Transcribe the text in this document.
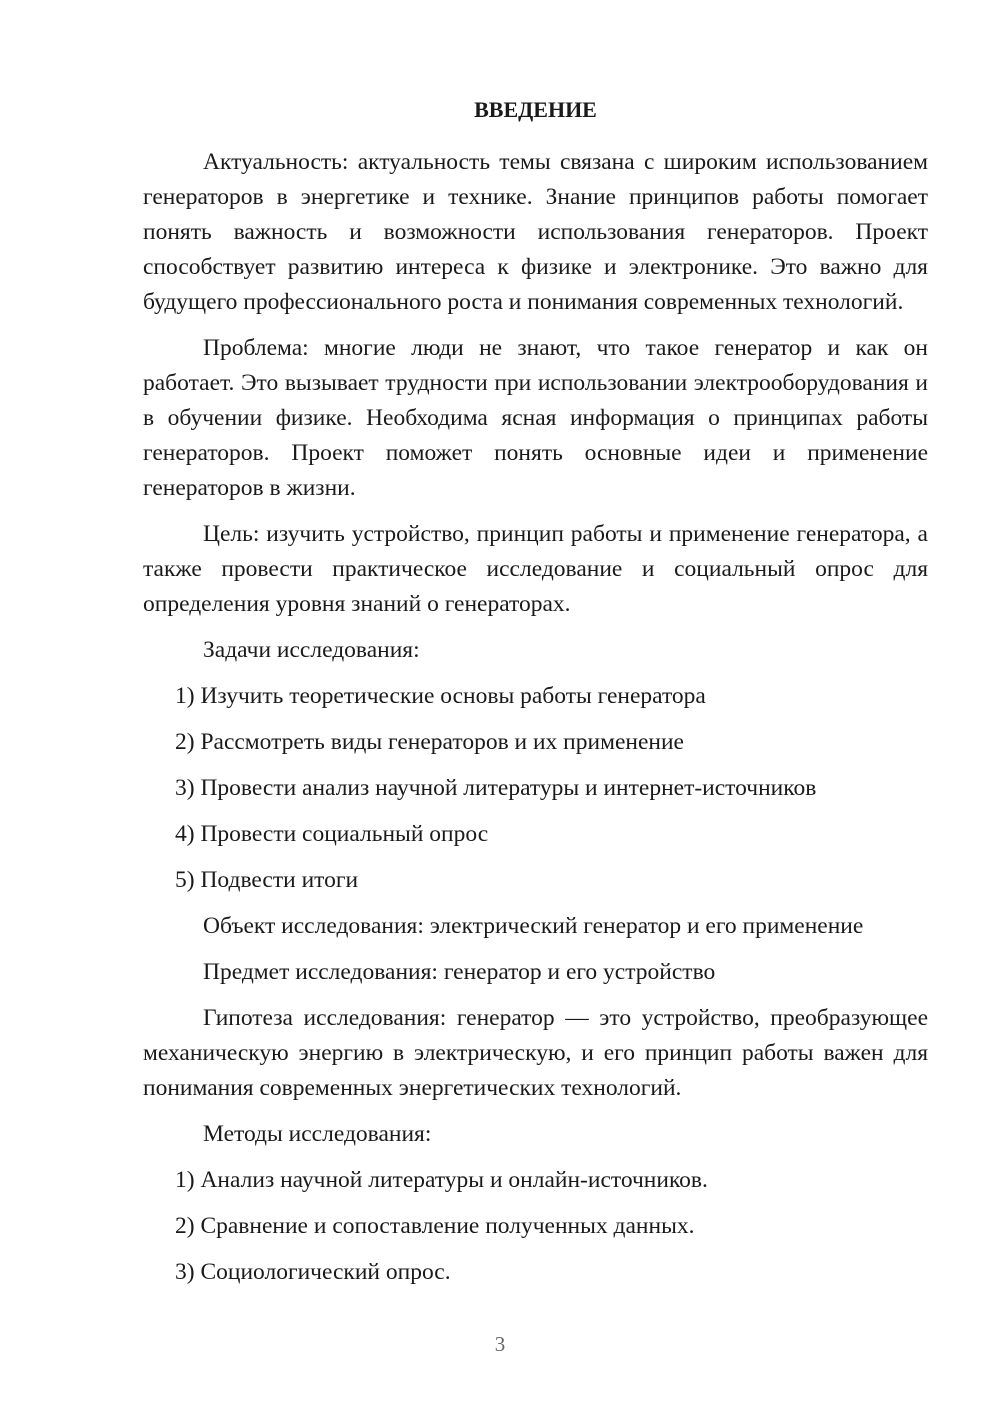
ВВЕДЕНИЕ
Актуальность: актуальность темы связана с широким использованием генераторов в энергетике и технике. Знание принципов работы помогает понять важность и возможности использования генераторов. Проект способствует развитию интереса к физике и электронике. Это важно для будущего профессионального роста и понимания современных технологий.
Проблема: многие люди не знают, что такое генератор и как он работает. Это вызывает трудности при использовании электрооборудования и в обучении физике. Необходима ясная информация о принципах работы генераторов. Проект поможет понять основные идеи и применение генераторов в жизни.
Цель: изучить устройство, принцип работы и применение генератора, а также провести практическое исследование и социальный опрос для определения уровня знаний о генераторах.
Задачи исследования:
1) Изучить теоретические основы работы генератора
2) Рассмотреть виды генераторов и их применение
3) Провести анализ научной литературы и интернет-источников
4) Провести социальный опрос
5) Подвести итоги
Объект исследования: электрический генератор и его применение
Предмет исследования: генератор и его устройство
Гипотеза исследования: генератор — это устройство, преобразующее механическую энергию в электрическую, и его принцип работы важен для понимания современных энергетических технологий.
Методы исследования:
1) Анализ научной литературы и онлайн-источников.
2) Сравнение и сопоставление полученных данных.
3) Социологический опрос.
3
